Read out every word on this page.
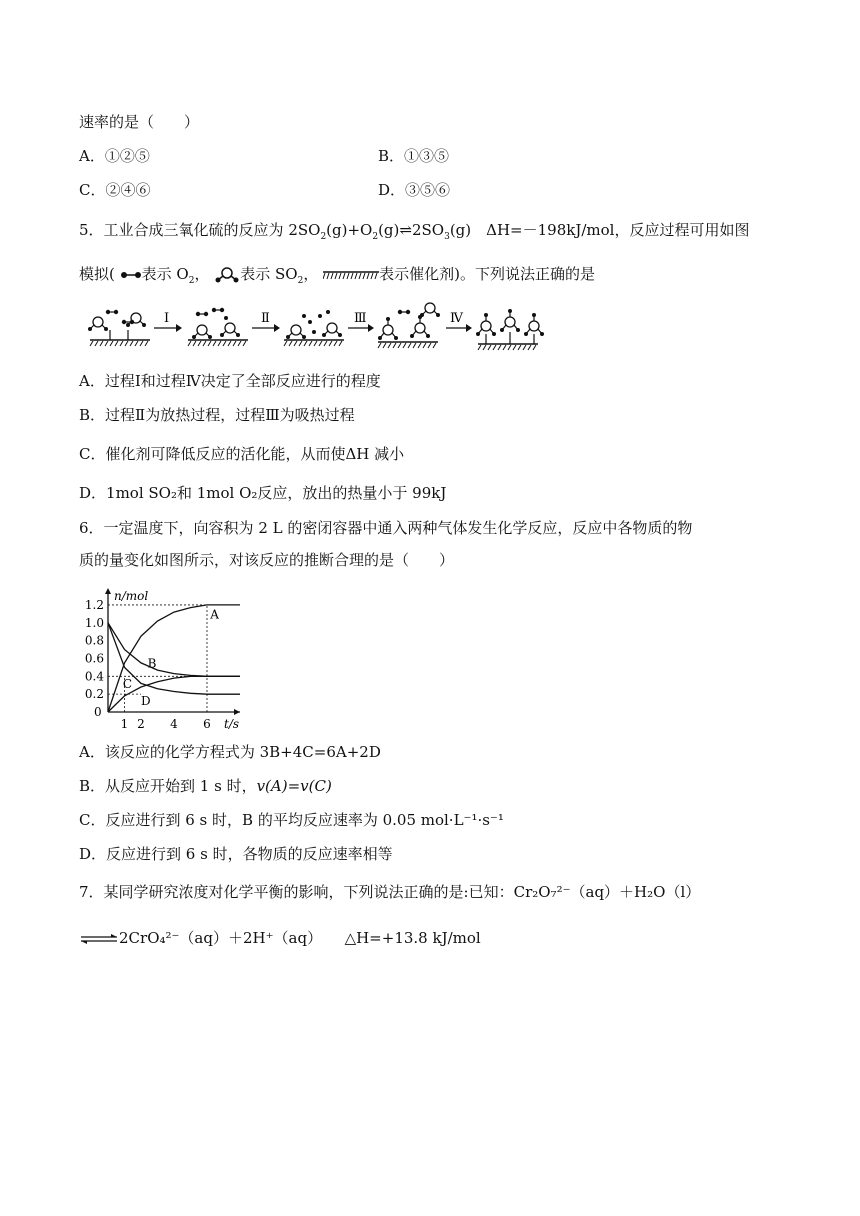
速率的是（　　）
A．①②⑤	B．①③⑤
C．②④⑥	D．③⑤⑥
5．工业合成三氧化硫的反应为 $2SO_2(g)+O_2(g)\rightleftharpoons 2SO_3(g)$　ΔH=－198kJ/mol，反应过程可用如图
模拟( 表示 $O_2$， 表示 $SO_2$，	表示催化剂)。下列说法正确的是
Ⅰ	Ⅱ	Ⅲ	Ⅳ
A．过程Ⅰ和过程Ⅳ决定了全部反应进行的程度
B．过程Ⅱ为放热过程，过程Ⅲ为吸热过程
C．催化剂可降低反应的活化能，从而使ΔH 减小
D．1mol SO₂和 1mol O₂反应，放出的热量小于 99kJ
6．一定温度下，向容积为 2 L 的密闭容器中通入两种气体发生化学反应，反应中各物质的物
质的量变化如图所示，对该反应的推断合理的是（　　）
1.2
1.0
0.8
0.6
0.4
0.2
0
1 2 4 6
n/mol
t/s
A
B
C
D
A．该反应的化学方程式为 3B+4C=6A+2D
B．从反应开始到 1 s 时，v(A)=v(C)
C．反应进行到 6 s 时，B 的平均反应速率为 0.05 mol·L⁻¹·s⁻¹
D．反应进行到 6 s 时，各物质的反应速率相等
7．某同学研究浓度对化学平衡的影响，下列说法正确的是:已知：Cr₂O₇²⁻（aq）＋H₂O（l）
⇌2CrO₄²⁻（aq）＋2H⁺（aq）　　△H=+13.8 kJ/mol
